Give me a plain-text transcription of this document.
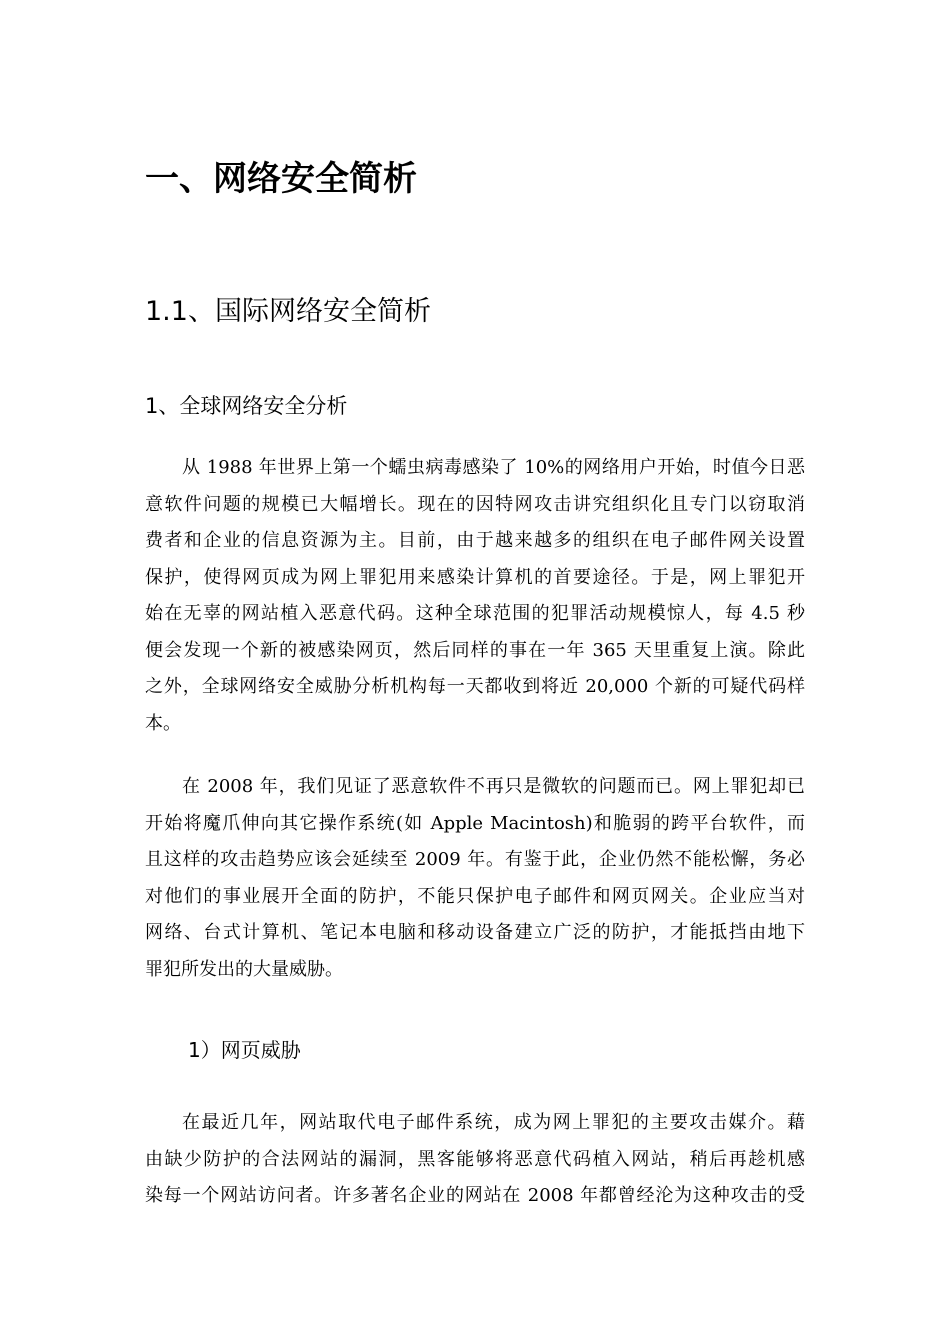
一、网络安全简析
1.1、国际网络安全简析
1、全球网络安全分析
从 1988 年世界上第一个蠕虫病毒感染了 10%的网络用户开始，时值今日恶
意软件问题的规模已大幅增长。现在的因特网攻击讲究组织化且专门以窃取消
费者和企业的信息资源为主。目前，由于越来越多的组织在电子邮件网关设置
保护，使得网页成为网上罪犯用来感染计算机的首要途径。于是，网上罪犯开
始在无辜的网站植入恶意代码。这种全球范围的犯罪活动规模惊人，每 4.5 秒
便会发现一个新的被感染网页，然后同样的事在一年 365 天里重复上演。除此
之外，全球网络安全威胁分析机构每一天都收到将近 20,000 个新的可疑代码样
本。
在 2008 年，我们见证了恶意软件不再只是微软的问题而已。网上罪犯却已
开始将魔爪伸向其它操作系统(如 Apple Macintosh)和脆弱的跨平台软件，而
且这样的攻击趋势应该会延续至 2009 年。有鉴于此，企业仍然不能松懈，务必
对他们的事业展开全面的防护，不能只保护电子邮件和网页网关。企业应当对
网络、台式计算机、笔记本电脑和移动设备建立广泛的防护，才能抵挡由地下
罪犯所发出的大量威胁。
1）网页威胁
在最近几年，网站取代电子邮件系统，成为网上罪犯的主要攻击媒介。藉
由缺少防护的合法网站的漏洞，黑客能够将恶意代码植入网站，稍后再趁机感
染每一个网站访问者。许多著名企业的网站在 2008 年都曾经沦为这种攻击的受
